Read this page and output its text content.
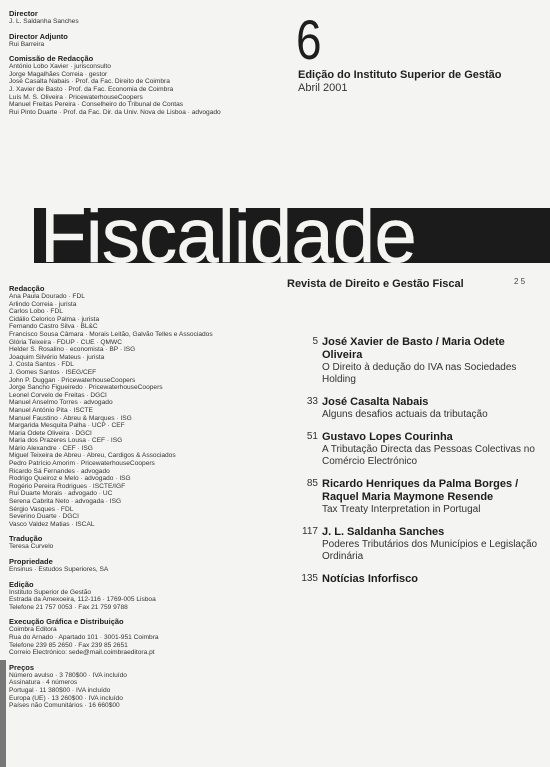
Director
J. L. Saldanha Sanches
Director Adjunto
Rui Barreira
Comissão de Redacção
António Lobo Xavier · jurisconsulto
Jorge Magalhães Correia · gestor
José Casalta Nabais · Prof. da Fac. Direito de Coimbra
J. Xavier de Basto · Prof. da Fac. Economia de Coimbra
Luís M. S. Oliveira · PricewaterhouseCoopers
Manuel Freitas Pereira · Conselheiro do Tribunal de Contas
Rui Pinto Duarte · Prof. da Fac. Dir. da Univ. Nova de Lisboa · advogado
6
Edição do Instituto Superior de Gestão
Abril 2001
Fiscalidade
Revista de Direito e Gestão Fiscal	2 5
Redacção
Ana Paula Dourado · FDL
Arlindo Correia · jurista
Carlos Lobo · FDL
Cidálio Celorico Palma · jurista
Fernando Castro Silva · BL&C
Francisco Sousa Câmara · Morais Leitão, Galvão Telles e Associados
Glória Teixeira · FDUP · CUE · QMWC
Helder S. Rosalino · economista · BP · ISG
Joaquim Silvério Mateus · jurista
J. Costa Santos · FDL
J. Gomes Santos · ISEG/CEF
John P. Duggan · PricewaterhouseCoopers
Jorge Sancho Figueiredo · PricewaterhouseCoopers
Leonel Corvelo de Freitas · DGCI
Manuel Anselmo Torres · advogado
Manuel António Pita · ISCTE
Manuel Faustino · Abreu & Marques · ISG
Margarida Mesquita Palha · UCP · CEF
Maria Odete Oliveira · DGCI
Maria dos Prazeres Lousa · CEF · ISG
Mário Alexandre · CEF · ISG
Miguel Teixeira de Abreu · Abreu, Cardigos & Associados
Pedro Patrício Amorim · PricewaterhouseCoopers
Ricardo Sá Fernandes · advogado
Rodrigo Queiroz e Melo · advogado · ISG
Rogério Pereira Rodrigues · ISCTE/IGF
Rui Duarte Morais · advogado · UC
Serena Cabrita Neto · advogada · ISG
Sérgio Vasques · FDL
Severino Duarte · DGCI
Vasco Valdez Matias · ISCAL
Tradução
Teresa Curvelo
Propriedade
Ensinus · Estudos Superiores, SA
Edição
Instituto Superior de Gestão
Estrada da Amexoeira, 112-116 · 1769-005 Lisboa
Telefone 21 757 0053 · Fax 21 759 9788
Execução Gráfica e Distribuição
Coimbra Editora
Rua do Arnado · Apartado 101 · 3001-951 Coimbra
Telefone 239 85 2650 · Fax 239 85 2651
Correio Electrónico: sede@mail.coimbraeditora.pt
Preços
Número avulso · 3 780$00 · IVA incluído
Assinatura · 4 números
Portugal · 11 380$00 · IVA incluído
Europa (UE) · 13 260$00 · IVA incluído
Países não Comunitários · 16 660$00
5 José Xavier de Basto / Maria Odete Oliveira
O Direito à dedução do IVA nas Sociedades Holding
33 José Casalta Nabais
Alguns desafios actuais da tributação
51 Gustavo Lopes Courinha
A Tributação Directa das Pessoas Colectivas no Comércio Electrónico
85 Ricardo Henriques da Palma Borges / Raquel Maria Maymone Resende
Tax Treaty Interpretation in Portugal
117 J. L. Saldanha Sanches
Poderes Tributários dos Municípios e Legislação Ordinária
135 Notícias Inforfisco
